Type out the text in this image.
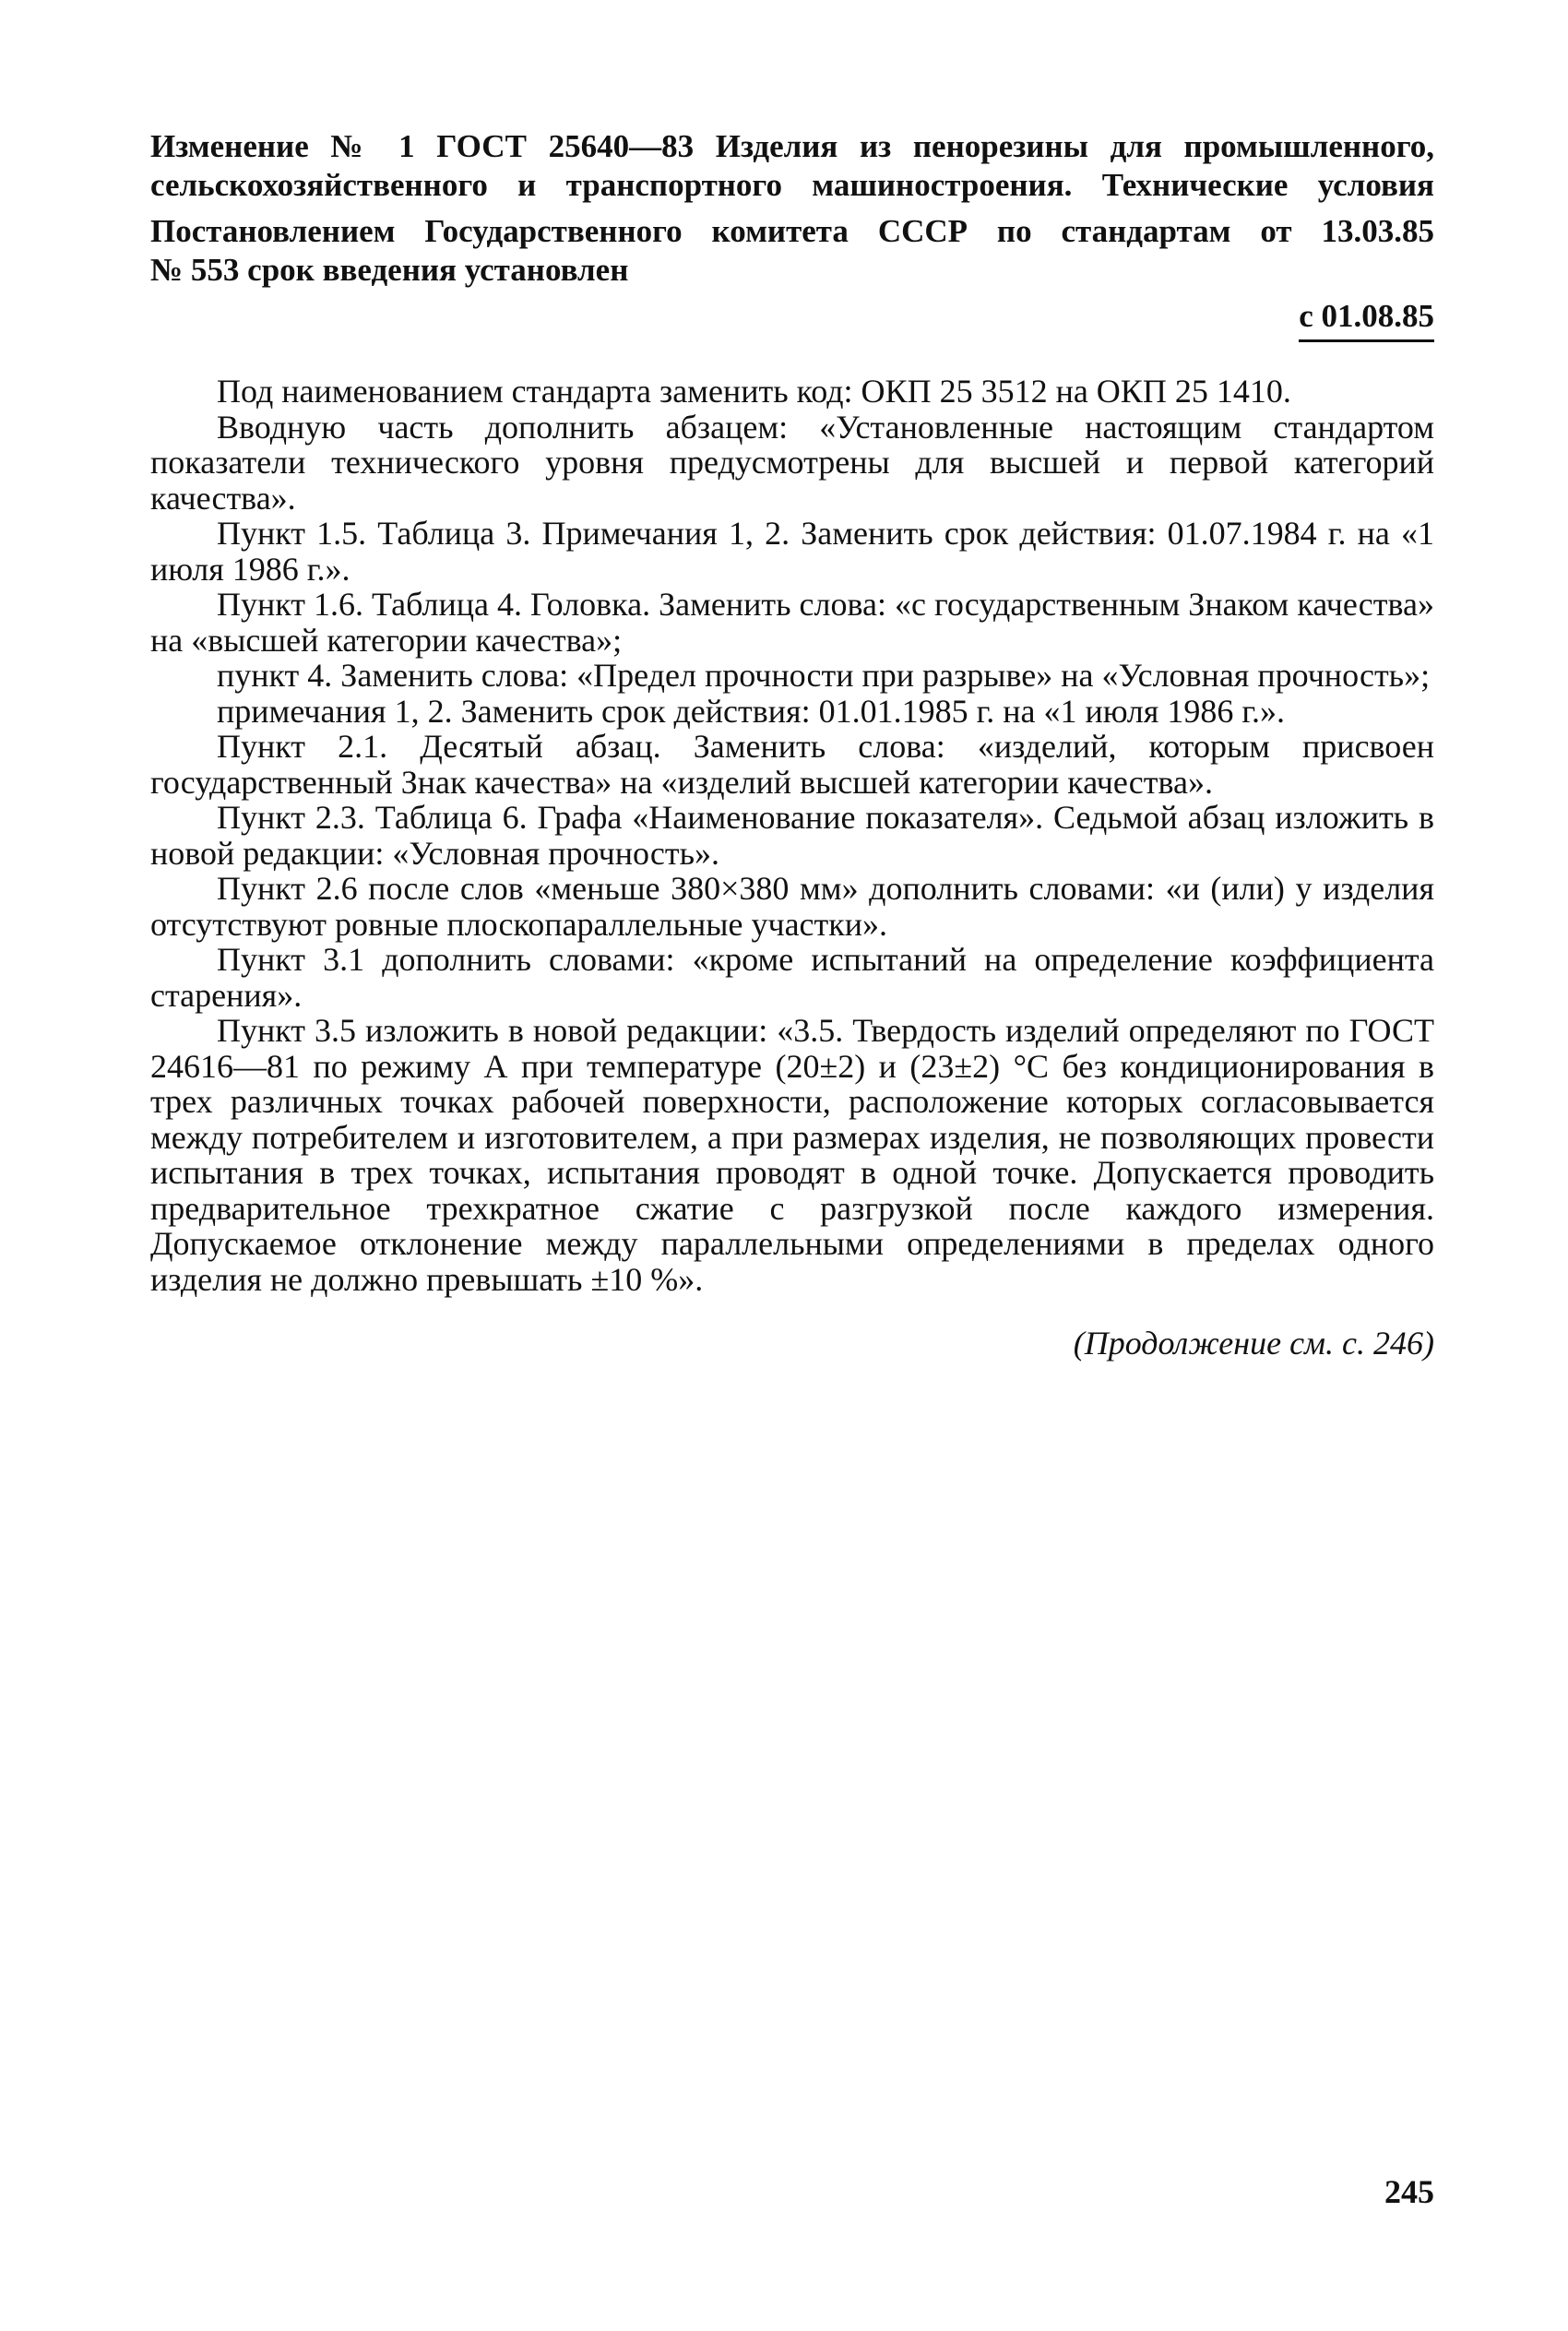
Изменение № 1 ГОСТ 25640—83 Изделия из пенорезины для промышленного, сельскохозяйственного и транспортного машиностроения. Технические условия

Постановлением Государственного комитета СССР по стандартам от 13.03.85
№ 553 срок введения установлен
с 01.08.85

Под наименованием стандарта заменить код: ОКП 25 3512 на ОКП 25 1410.

Вводную часть дополнить абзацем: «Установленные настоящим стандартом показатели технического уровня предусмотрены для высшей и первой категорий качества».

Пункт 1.5. Таблица 3. Примечания 1, 2. Заменить срок действия: 01.07.1984 г. на «1 июля 1986 г.».

Пункт 1.6. Таблица 4. Головка. Заменить слова: «с государственным Знаком качества» на «высшей категории качества»;

пункт 4. Заменить слова: «Предел прочности при разрыве» на «Условная прочность»;

примечания 1, 2. Заменить срок действия: 01.01.1985 г. на «1 июля 1986 г.».

Пункт 2.1. Десятый абзац. Заменить слова: «изделий, которым присвоен государственный Знак качества» на «изделий высшей категории качества».

Пункт 2.3. Таблица 6. Графа «Наименование показателя». Седьмой абзац изложить в новой редакции: «Условная прочность».

Пункт 2.6 после слов «меньше 380×380 мм» дополнить словами: «и (или) у изделия отсутствуют ровные плоскопараллельные участки».

Пункт 3.1 дополнить словами: «кроме испытаний на определение коэффициента старения».

Пункт 3.5 изложить в новой редакции: «3.5. Твердость изделий определяют по ГОСТ 24616—81 по режиму А при температуре (20±2) и (23±2) °С без кондиционирования в трех различных точках рабочей поверхности, расположение которых согласовывается между потребителем и изготовителем, а при размерах изделия, не позволяющих провести испытания в трех точках, испытания проводят в одной точке. Допускается проводить предварительное трехкратное сжатие с разгрузкой после каждого измерения. Допускаемое отклонение между параллельными определениями в пределах одного изделия не должно превышать ±10 %».

(Продолжение см. с. 246)
245
